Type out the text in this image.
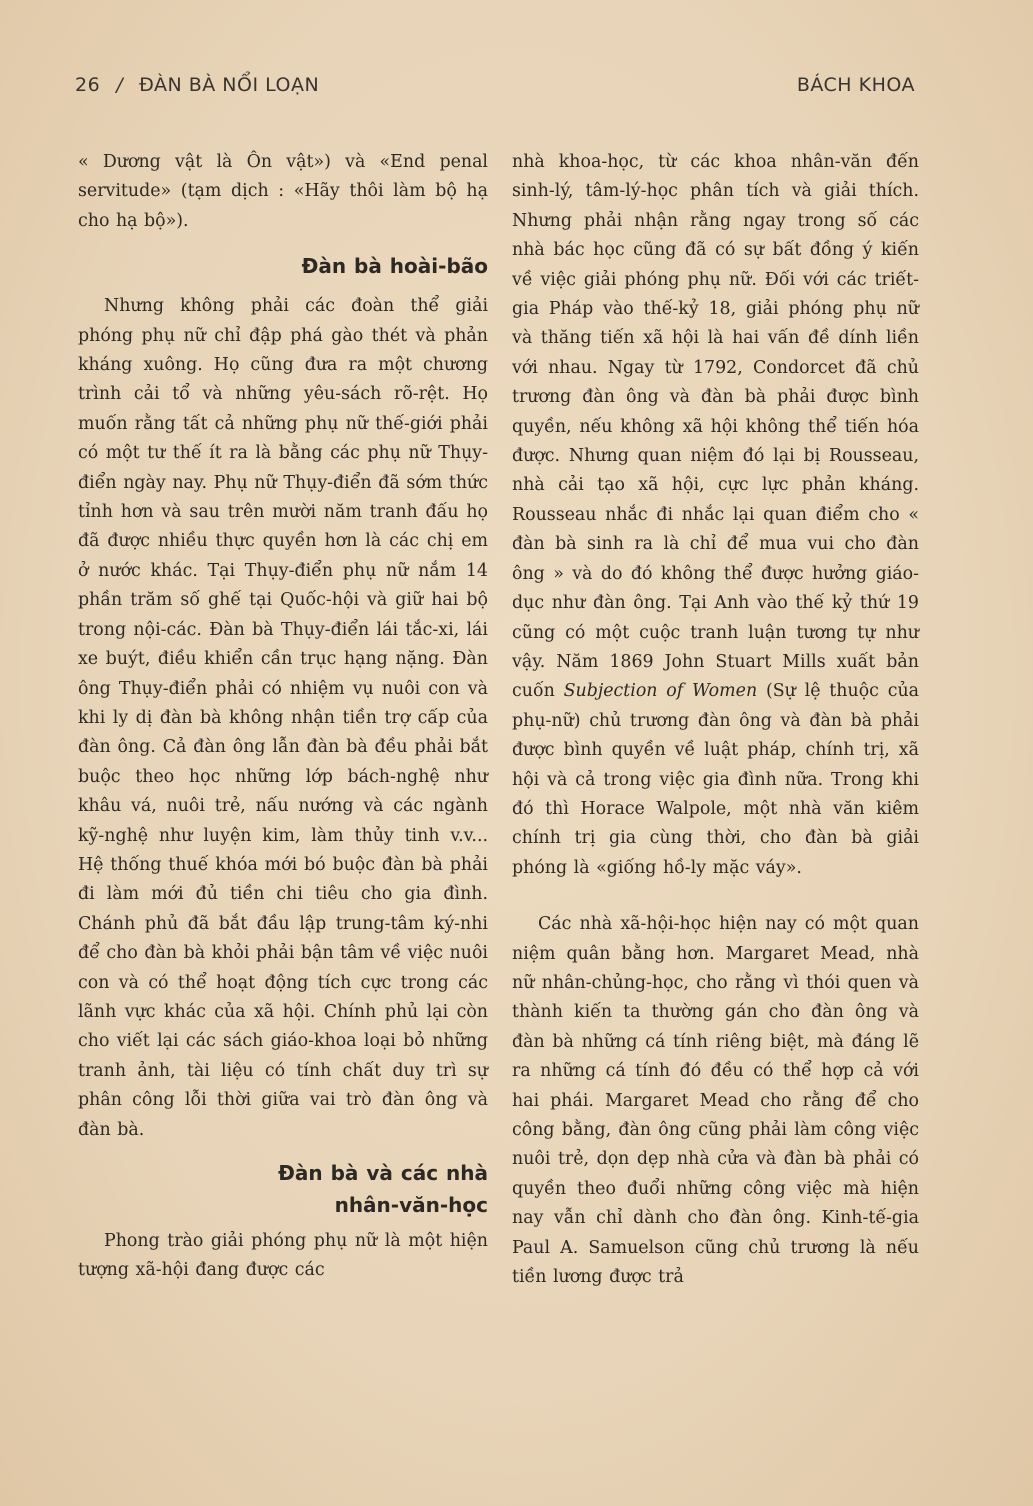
26 / ĐÀN BÀ NỔI LOẠN	BÁCH KHOA

« Dương vật là Ôn vật») và «End penal servitude» (tạm dịch : «Hãy thôi làm bộ hạ cho hạ bộ»).

Đàn bà hoài-bão

Nhưng không phải các đoàn thể giải phóng phụ nữ chỉ đập phá gào thét và phản kháng xuông. Họ cũng đưa ra một chương trình cải tổ và những yêu-sách rõ-rệt. Họ muốn rằng tất cả những phụ nữ thế-giới phải có một tư thế ít ra là bằng các phụ nữ Thụy-điển ngày nay. Phụ nữ Thụy-điển đã sớm thức tỉnh hơn và sau trên mười năm tranh đấu họ đã được nhiều thực quyền hơn là các chị em ở nước khác. Tại Thụy-điển phụ nữ nắm 14 phần trăm số ghế tại Quốc-hội và giữ hai bộ trong nội-các. Đàn bà Thụy-điển lái tắc-xi, lái xe buýt, điều khiển cần trục hạng nặng. Đàn ông Thụy-điển phải có nhiệm vụ nuôi con và khi ly dị đàn bà không nhận tiền trợ cấp của đàn ông. Cả đàn ông lẫn đàn bà đều phải bắt buộc theo học những lớp bách-nghệ như khâu vá, nuôi trẻ, nấu nướng và các ngành kỹ-nghệ như luyện kim, làm thủy tinh v.v... Hệ thống thuế khóa mới bó buộc đàn bà phải đi làm mới đủ tiền chi tiêu cho gia đình. Chánh phủ đã bắt đầu lập trung-tâm ký-nhi để cho đàn bà khỏi phải bận tâm về việc nuôi con và có thể hoạt động tích cực trong các lãnh vực khác của xã hội. Chính phủ lại còn cho viết lại các sách giáo-khoa loại bỏ những tranh ảnh, tài liệu có tính chất duy trì sự phân công lỗi thời giữa vai trò đàn ông và đàn bà.

Đàn bà và các nhà
nhân-văn-học

Phong trào giải phóng phụ nữ là một hiện tượng xã-hội đang được các

nhà khoa-học, từ các khoa nhân-văn đến sinh-lý, tâm-lý-học phân tích và giải thích. Nhưng phải nhận rằng ngay trong số các nhà bác học cũng đã có sự bất đồng ý kiến về việc giải phóng phụ nữ. Đối với các triết-gia Pháp vào thế-kỷ 18, giải phóng phụ nữ và thăng tiến xã hội là hai vấn đề dính liền với nhau. Ngay từ 1792, Condorcet đã chủ trương đàn ông và đàn bà phải được bình quyền, nếu không xã hội không thể tiến hóa được. Nhưng quan niệm đó lại bị Rousseau, nhà cải tạo xã hội, cực lực phản kháng. Rousseau nhắc đi nhắc lại quan điểm cho « đàn bà sinh ra là chỉ để mua vui cho đàn ông » và do đó không thể được hưởng giáo-dục như đàn ông. Tại Anh vào thế kỷ thứ 19 cũng có một cuộc tranh luận tương tự như vậy. Năm 1869 John Stuart Mills xuất bản cuốn Subjection of Women (Sự lệ thuộc của phụ-nữ) chủ trương đàn ông và đàn bà phải được bình quyền về luật pháp, chính trị, xã hội và cả trong việc gia đình nữa. Trong khi đó thì Horace Walpole, một nhà văn kiêm chính trị gia cùng thời, cho đàn bà giải phóng là «giống hồ-ly mặc váy».

Các nhà xã-hội-học hiện nay có một quan niệm quân bằng hơn. Margaret Mead, nhà nữ nhân-chủng-học, cho rằng vì thói quen và thành kiến ta thường gán cho đàn ông và đàn bà những cá tính riêng biệt, mà đáng lẽ ra những cá tính đó đều có thể hợp cả với hai phái. Margaret Mead cho rằng để cho công bằng, đàn ông cũng phải làm công việc nuôi trẻ, dọn dẹp nhà cửa và đàn bà phải có quyền theo đuổi những công việc mà hiện nay vẫn chỉ dành cho đàn ông. Kinh-tế-gia Paul A. Samuelson cũng chủ trương là nếu tiền lương được trả
